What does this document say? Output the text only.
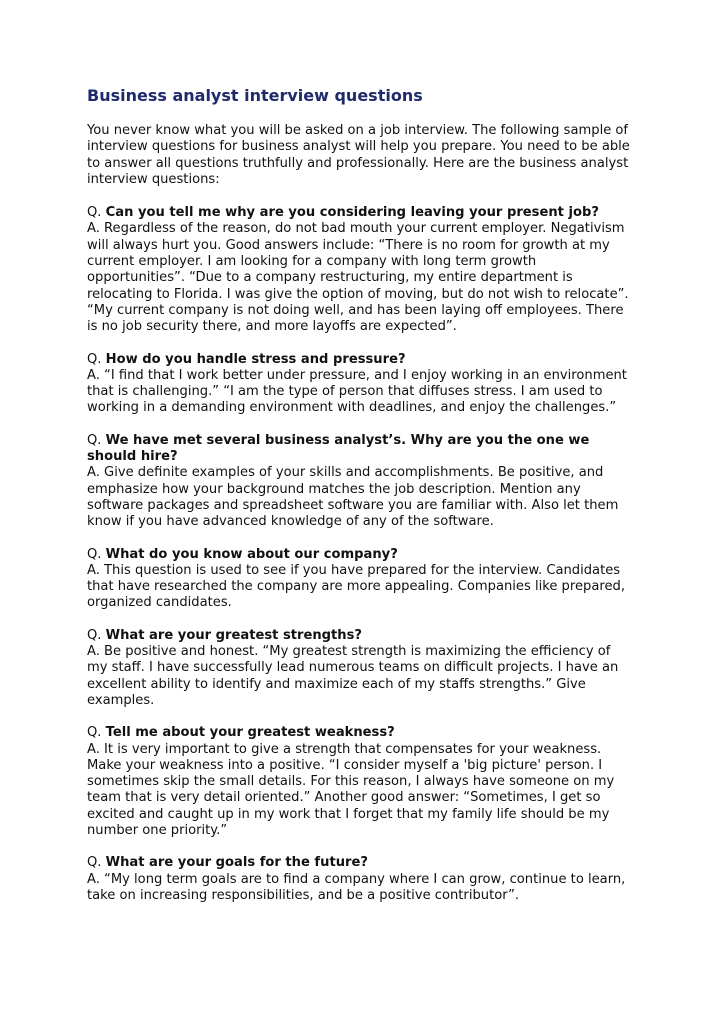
Business analyst interview questions

You never know what you will be asked on a job interview. The following sample of interview questions for business analyst will help you prepare. You need to be able to answer all questions truthfully and professionally. Here are the business analyst interview questions:

Q. Can you tell me why are you considering leaving your present job?

A. Regardless of the reason, do not bad mouth your current employer. Negativism will always hurt you. Good answers include: “There is no room for growth at my current employer. I am looking for a company with long term growth opportunities”. “Due to a company restructuring, my entire department is relocating to Florida. I was give the option of moving, but do not wish to relocate”. “My current company is not doing well, and has been laying off employees. There is no job security there, and more layoffs are expected”.

Q. How do you handle stress and pressure?

A. “I find that I work better under pressure, and I enjoy working in an environment that is challenging.” “I am the type of person that diffuses stress. I am used to working in a demanding environment with deadlines, and enjoy the challenges.”

Q. We have met several business analyst’s. Why are you the one we should hire?

A. Give definite examples of your skills and accomplishments. Be positive, and emphasize how your background matches the job description. Mention any software packages and spreadsheet software you are familiar with. Also let them know if you have advanced knowledge of any of the software.

Q. What do you know about our company?

A. This question is used to see if you have prepared for the interview. Candidates that have researched the company are more appealing. Companies like prepared, organized candidates.

Q. What are your greatest strengths?

A. Be positive and honest. “My greatest strength is maximizing the efficiency of my staff. I have successfully lead numerous teams on difficult projects. I have an excellent ability to identify and maximize each of my staffs strengths.” Give examples.

Q. Tell me about your greatest weakness?

A. It is very important to give a strength that compensates for your weakness. Make your weakness into a positive. “I consider myself a 'big picture' person. I sometimes skip the small details. For this reason, I always have someone on my team that is very detail oriented.” Another good answer: “Sometimes, I get so excited and caught up in my work that I forget that my family life should be my number one priority.”

Q. What are your goals for the future?

A. “My long term goals are to find a company where I can grow, continue to learn, take on increasing responsibilities, and be a positive contributor”.
